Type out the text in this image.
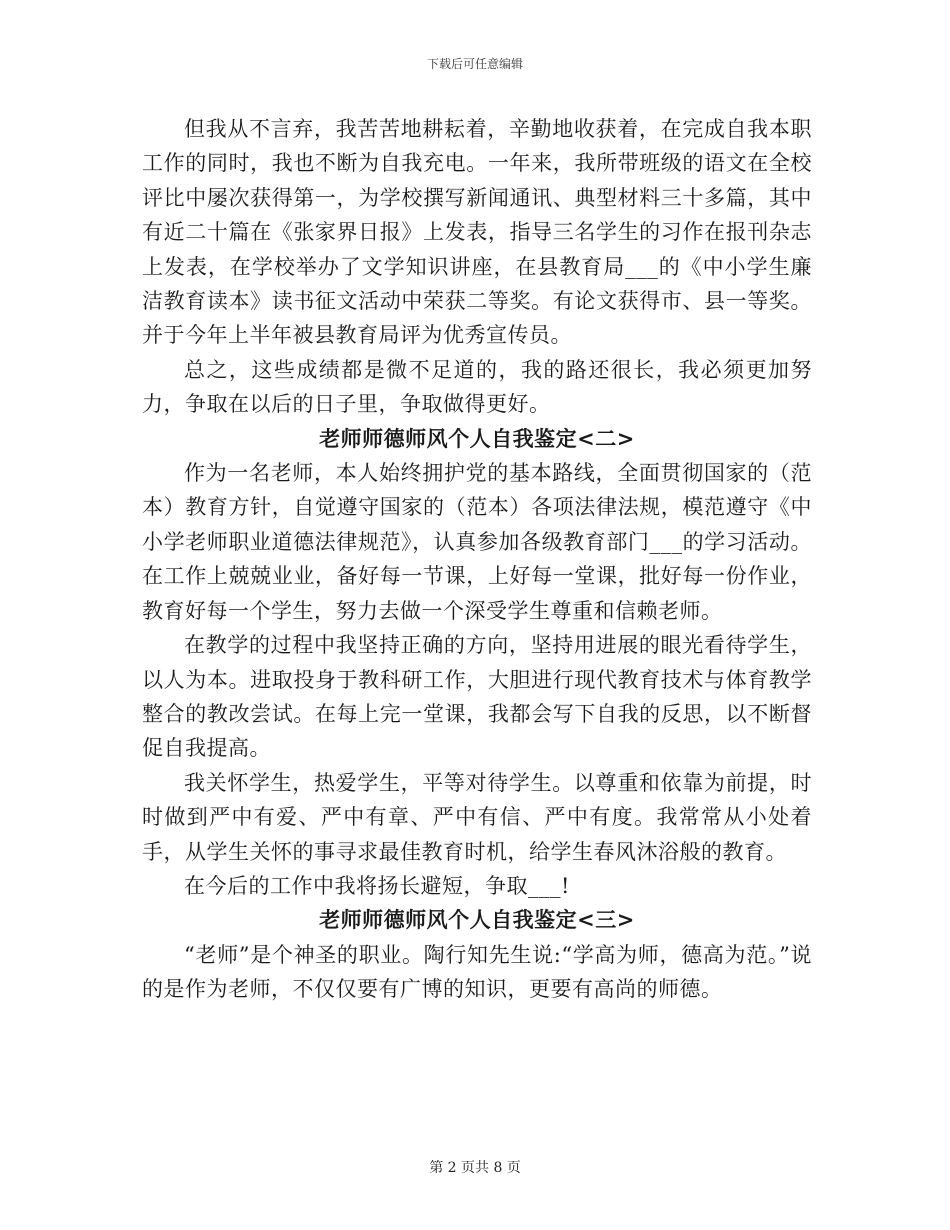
下载后可任意编辑

但我从不言弃，我苦苦地耕耘着，辛勤地收获着，在完成自我本职工作的同时，我也不断为自我充电。一年来，我所带班级的语文在全校评比中屡次获得第一，为学校撰写新闻通讯、典型材料三十多篇，其中有近二十篇在《张家界日报》上发表，指导三名学生的习作在报刊杂志上发表，在学校举办了文学知识讲座，在县教育局___的《中小学生廉洁教育读本》读书征文活动中荣获二等奖。有论文获得市、县一等奖。并于今年上半年被县教育局评为优秀宣传员。

总之，这些成绩都是微不足道的，我的路还很长，我必须更加努力，争取在以后的日子里，争取做得更好。

老师师德师风个人自我鉴定<二>

作为一名老师，本人始终拥护党的基本路线，全面贯彻国家的（范本）教育方针，自觉遵守国家的（范本）各项法律法规，模范遵守《中小学老师职业道德法律规范》，认真参加各级教育部门___的学习活动。在工作上兢兢业业，备好每一节课，上好每一堂课，批好每一份作业，教育好每一个学生，努力去做一个深受学生尊重和信赖老师。

在教学的过程中我坚持正确的方向，坚持用进展的眼光看待学生，以人为本。进取投身于教科研工作，大胆进行现代教育技术与体育教学整合的教改尝试。在每上完一堂课，我都会写下自我的反思，以不断督促自我提高。

我关怀学生，热爱学生，平等对待学生。以尊重和依靠为前提，时时做到严中有爱、严中有章、严中有信、严中有度。我常常从小处着手，从学生关怀的事寻求最佳教育时机，给学生春风沐浴般的教育。

在今后的工作中我将扬长避短，争取___!

老师师德师风个人自我鉴定<三>

“老师”是个神圣的职业。陶行知先生说:“学高为师，德高为范。”说的是作为老师，不仅仅要有广博的知识，更要有高尚的师德。

第 2 页共 8 页
